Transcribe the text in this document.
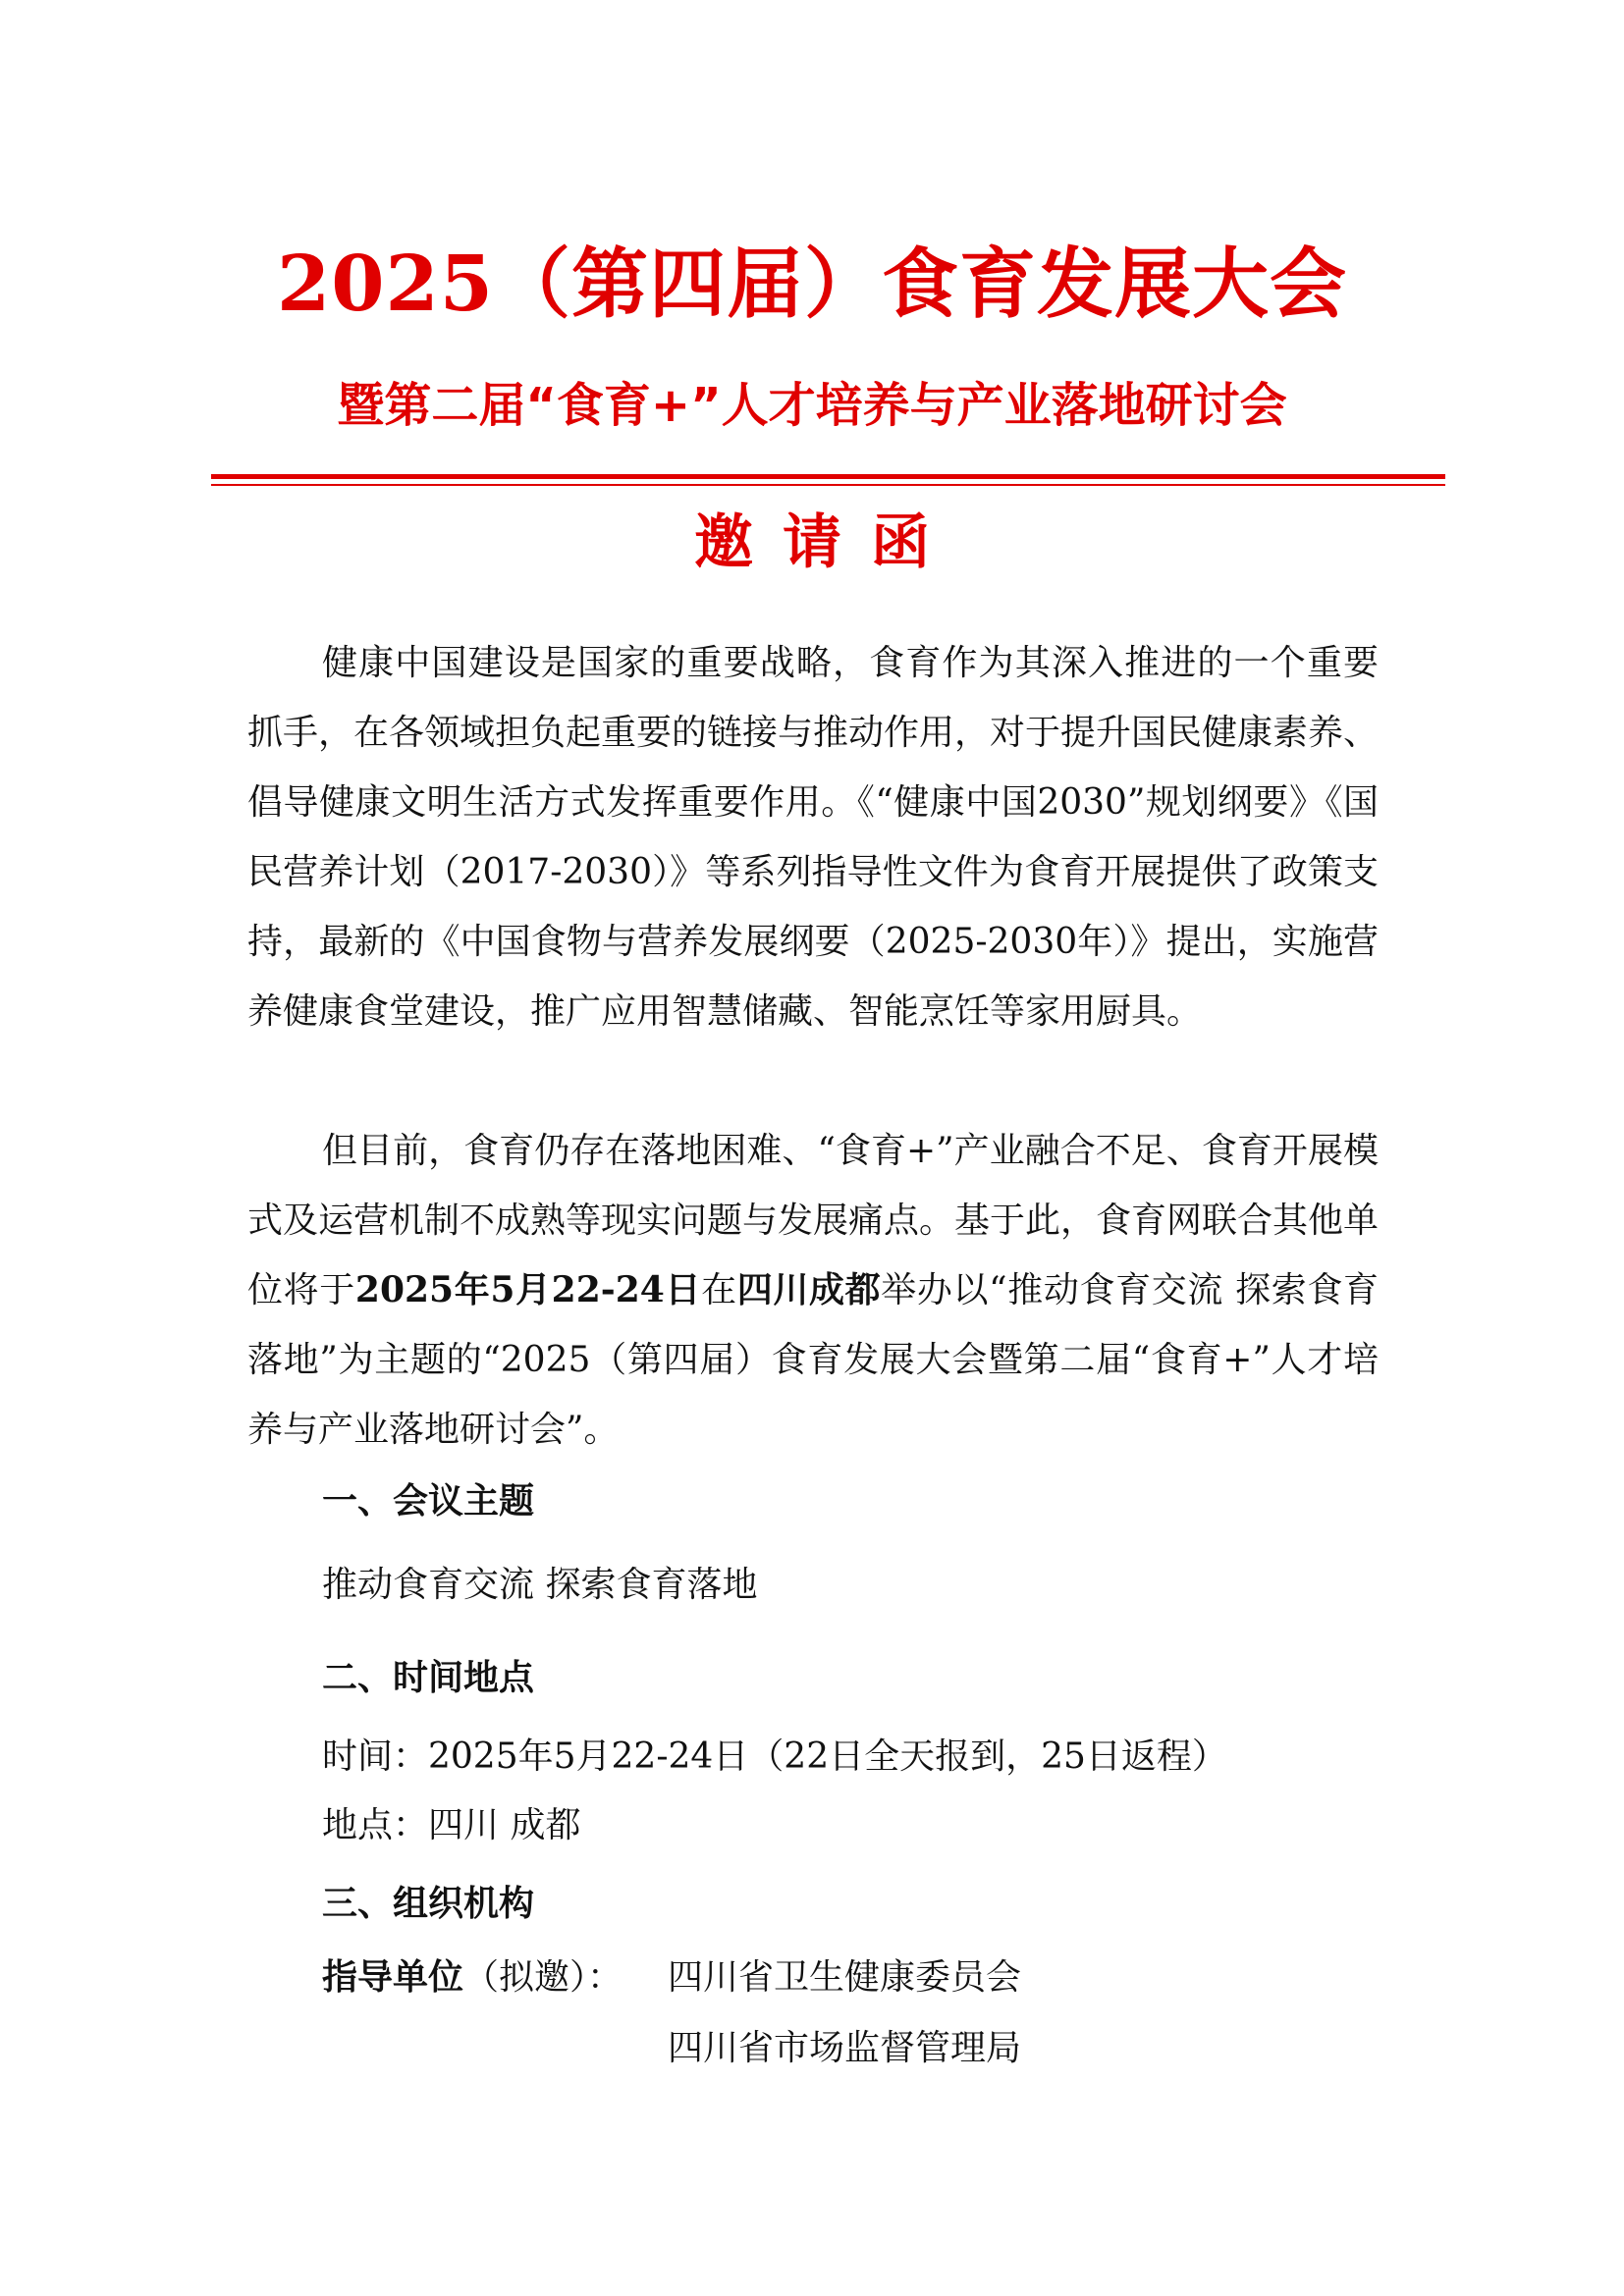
2025（第四届）食育发展大会
暨第二届“食育+”人才培养与产业落地研讨会
邀请函

健康中国建设是国家的重要战略，食育作为其深入推进的一个重要抓手，在各领域担负起重要的链接与推动作用，对于提升国民健康素养、倡导健康文明生活方式发挥重要作用。《“健康中国2030”规划纲要》《国民营养计划（2017-2030）》等系列指导性文件为食育开展提供了政策支持，最新的《中国食物与营养发展纲要（2025-2030年）》提出，实施营养健康食堂建设，推广应用智慧储藏、智能烹饪等家用厨具。

但目前，食育仍存在落地困难、“食育+”产业融合不足、食育开展模式及运营机制不成熟等现实问题与发展痛点。基于此，食育网联合其他单位将于2025年5月22-24日在四川成都举办以“推动食育交流 探索食育落地”为主题的“2025（第四届）食育发展大会暨第二届“食育+”人才培养与产业落地研讨会”。

一、会议主题
推动食育交流 探索食育落地
二、时间地点
时间：2025年5月22-24日（22日全天报到，25日返程）
地点：四川 成都
三、组织机构
指导单位（拟邀）： 四川省卫生健康委员会
四川省市场监督管理局
